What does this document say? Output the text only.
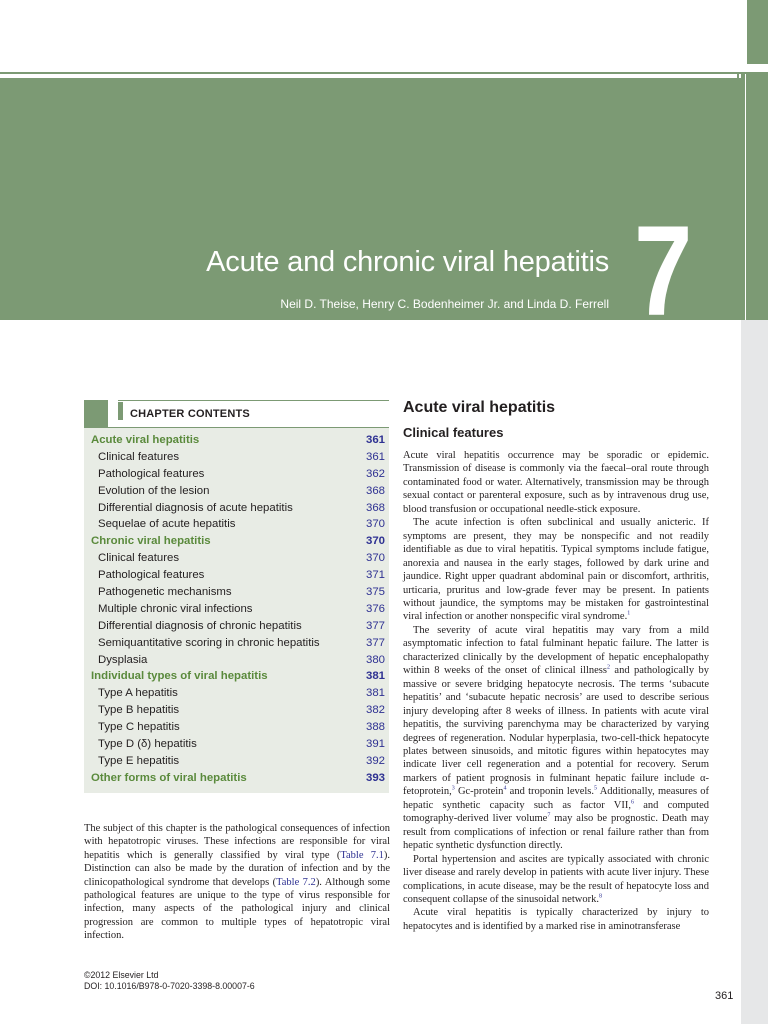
Acute and chronic viral hepatitis
Neil D. Theise, Henry C. Bodenheimer Jr. and Linda D. Ferrell 7
CHAPTER CONTENTS
Acute viral hepatitis	361
Clinical features	361
Pathological features	362
Evolution of the lesion	368
Differential diagnosis of acute hepatitis	368
Sequelae of acute hepatitis	370
Chronic viral hepatitis	370
Clinical features	370
Pathological features	371
Pathogenetic mechanisms	375
Multiple chronic viral infections	376
Differential diagnosis of chronic hepatitis	377
Semiquantitative scoring in chronic hepatitis	377
Dysplasia	380
Individual types of viral hepatitis	381
Type A hepatitis	381
Type B hepatitis	382
Type C hepatitis	388
Type D (δ) hepatitis	391
Type E hepatitis	392
Other forms of viral hepatitis	393

The subject of this chapter is the pathological consequences of infection with hepatotropic viruses. These infections are responsible for viral hepatitis which is generally classified by viral type (Table 7.1). Distinction can also be made by the duration of infection and by the clinicopathological syndrome that develops (Table 7.2). Although some pathological features are unique to the type of virus responsible for infection, many aspects of the pathological injury and clinical progression are common to multiple types of hepatotropic viral infection.

©2012 Elsevier Ltd
DOI: 10.1016/B978-0-7020-3398-8.00007-6
Acute viral hepatitis
Clinical features

Acute viral hepatitis occurrence may be sporadic or epidemic. Transmission of disease is commonly via the faecal–oral route through contaminated food or water. Alternatively, transmission may be through sexual contact or parenteral exposure, such as by intravenous drug use, blood transfusion or occupational needle-stick exposure.

The acute infection is often subclinical and usually anicteric. If symptoms are present, they may be nonspecific and not readily identifiable as due to viral hepatitis. Typical symptoms include fatigue, anorexia and nausea in the early stages, followed by dark urine and jaundice. Right upper quadrant abdominal pain or discomfort, arthritis, urticaria, pruritus and low-grade fever may be present. In patients without jaundice, the symptoms may be mistaken for gastrointestinal viral infection or another nonspecific viral syndrome.$^1$

The severity of acute viral hepatitis may vary from a mild asymptomatic infection to fatal fulminant hepatic failure. The latter is characterized clinically by the development of hepatic encephalopathy within 8 weeks of the onset of clinical illness$^2$ and pathologically by massive or severe bridging hepatocyte necrosis. The terms ‘subacute hepatitis’ and ‘subacute hepatic necrosis’ are used to describe serious injury developing after 8 weeks of illness. In patients with acute viral hepatitis, the surviving parenchyma may be characterized by varying degrees of regeneration. Nodular hyperplasia, two-cell-thick hepatocyte plates between sinusoids, and mitotic figures within hepatocytes may indicate liver cell regeneration and a potential for recovery. Serum markers of patient prognosis in fulminant hepatic failure include α-fetoprotein,$^3$ Gc-protein$^4$ and troponin levels.$^5$ Additionally, measures of hepatic synthetic capacity such as factor VII,$^6$ and computed tomography-derived liver volume$^7$ may also be prognostic. Death may result from complications of infection or renal failure rather than from hepatic synthetic dysfunction directly.

Portal hypertension and ascites are typically associated with chronic liver disease and rarely develop in patients with acute liver injury. These complications, in acute disease, may be the result of hepatocyte loss and consequent collapse of the sinusoidal network.$^8$

Acute viral hepatitis is typically characterized by injury to hepatocytes and is identified by a marked rise in aminotransferase

361
